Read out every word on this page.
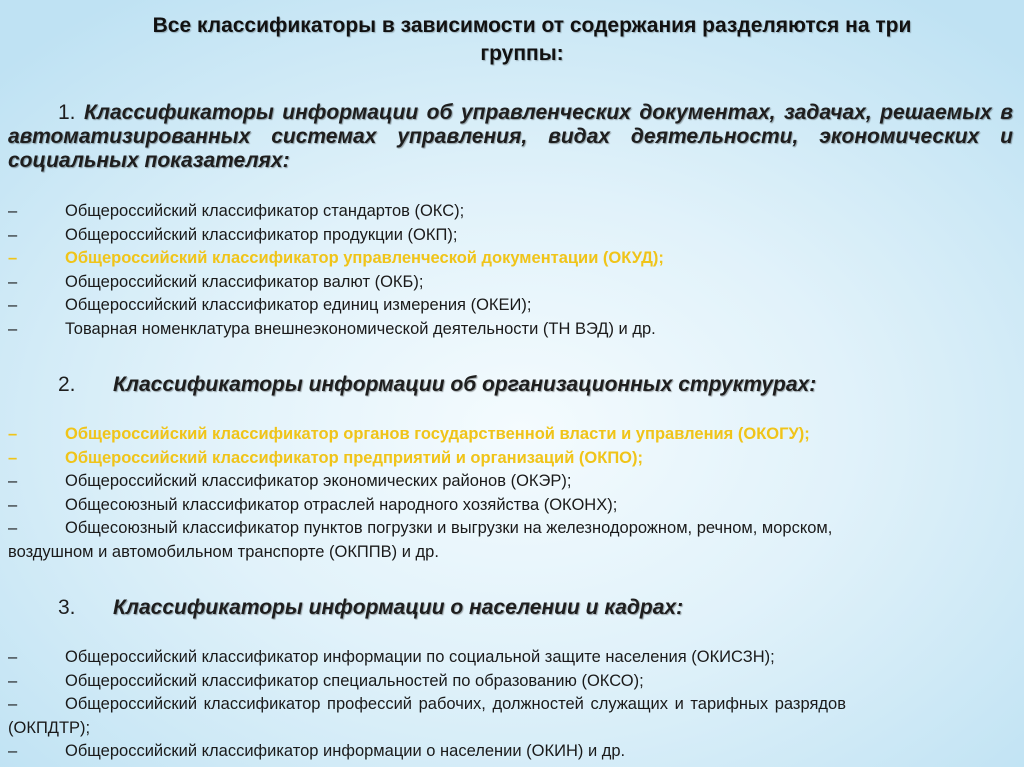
Все классификаторы в зависимости от содержания разделяются на три
группы:
1. Классификаторы информации об управленческих документах, задачах, решаемых в автоматизированных системах управления, видах деятельности, экономических и социальных показателях:
–	Общероссийский классификатор стандартов (ОКС);
–	Общероссийский классификатор продукции (ОКП);
–	Общероссийский классификатор управленческой документации (ОКУД);
–	Общероссийский классификатор валют (ОКБ);
–	Общероссийский классификатор единиц измерения (ОКЕИ);
–	Товарная номенклатура внешнеэкономической деятельности (ТН ВЭД) и др.
2. Классификаторы информации об организационных структурах:
–	Общероссийский классификатор органов государственной власти и управления (ОКОГУ);
–	Общероссийский классификатор предприятий и организаций (ОКПО);
–	Общероссийский классификатор экономических районов (ОКЭР);
–	Общесоюзный классификатор отраслей народного хозяйства (ОКОНХ);
–	Общесоюзный классификатор пунктов погрузки и выгрузки на железнодорожном, речном, морском,
воздушном и автомобильном транспорте (ОКППВ) и др.
3. Классификаторы информации о населении и кадрах:
–	Общероссийский классификатор информации по социальной защите населения (ОКИСЗН);
–	Общероссийский классификатор специальностей по образованию (ОКСО);
–	Общероссийский классификатор профессий рабочих, должностей служащих и тарифных разрядов
(ОКПДТР);
–	Общероссийский классификатор информации о населении (ОКИН) и др.
